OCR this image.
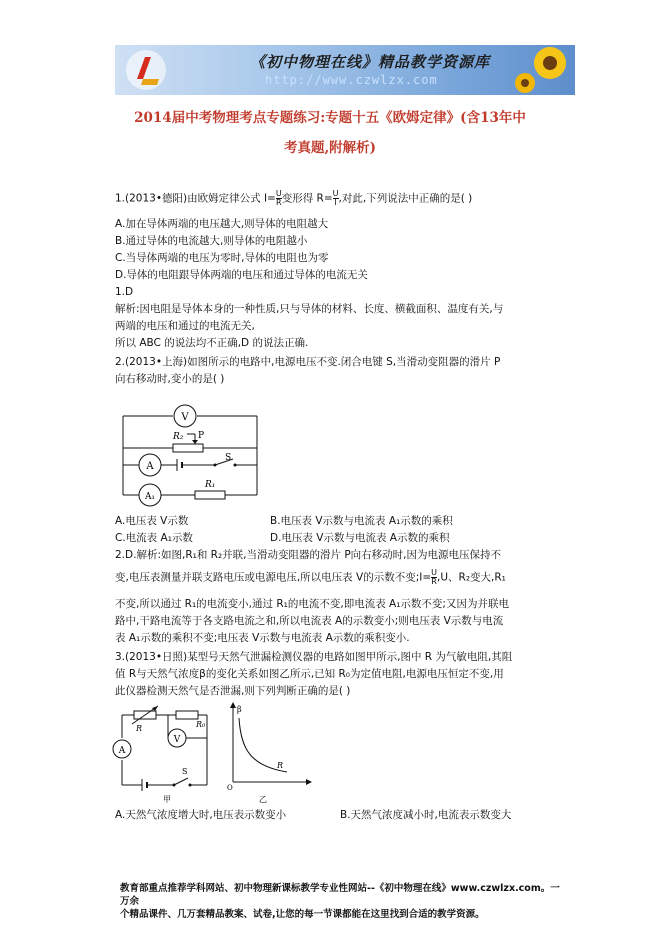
《初中物理在线》精品教学资源库
http://www.czwlzx.com
2014届中考物理考点专题练习:专题十五《欧姆定律》(含13年中
考真题,附解析)
1.(2013•德阳)由欧姆定律公式 $I= \frac{U}{R}$ 变形得 $R= \frac{U}{I}$ ,对此,下列说法中正确的是( )
A.加在导体两端的电压越大,则导体的电阻越大
B.通过导体的电流越大,则导体的电阻越小
C.当导体两端的电压为零时,导体的电阻也为零
D.导体的电阻跟导体两端的电压和通过导体的电流无关
1.D
解析:因电阻是导体本身的一种性质,只与导体的材料、长度、横截面积、温度有关,与
两端的电压和通过的电流无关,
所以 ABC 的说法均不正确,D 的说法正确.
2.(2013•上海)如图所示的电路中,电源电压不变.闭合电键 S,当滑动变阻器的滑片 P
向右移动时,变小的是( )
V
A
A₁
R₂ P
S
R₁
A.电压表 V示数	B.电压表 V示数与电流表 A₁示数的乘积
C.电流表 A₁示数	D.电压表 V示数与电流表 A示数的乘积
2.D.解析:如图,R₁和 R₂并联,当滑动变阻器的滑片 P向右移动时,因为电源电压保持不
变,电压表测量并联支路电压或电源电压,所以电压表 V的示数不变;I= $\frac{U}{R} ,U$、R₂变大,R₁
不变,所以通过 R₁的电流变小,通过 R₁的电流不变,即电流表 A₁示数不变;又因为并联电
路中,干路电流等于各支路电流之和,所以电流表 A的示数变小;则电压表 V示数与电流
表 A₁示数的乘积不变;电压表 V示数与电流表 A示数的乘积变小.
3.(2013•日照)某型号天然气泄漏检测仪器的电路如图甲所示,图中 R 为气敏电阻,其阻
值 R与天然气浓度β的变化关系如图乙所示,已知 R₀为定值电阻,电源电压恒定不变,用
此仪器检测天然气是否泄漏,则下列判断正确的是( )
A
V
R	R₀
S
甲
β
R
O
乙
A.天然气浓度增大时,电压表示数变小	B.天然气浓度减小时,电流表示数变大
教育部重点推荐学科网站、初中物理新课标教学专业性网站--《初中物理在线》www.czwlzx.com。一万余
个精品课件、几万套精品教案、试卷,让您的每一节课都能在这里找到合适的教学资源。
